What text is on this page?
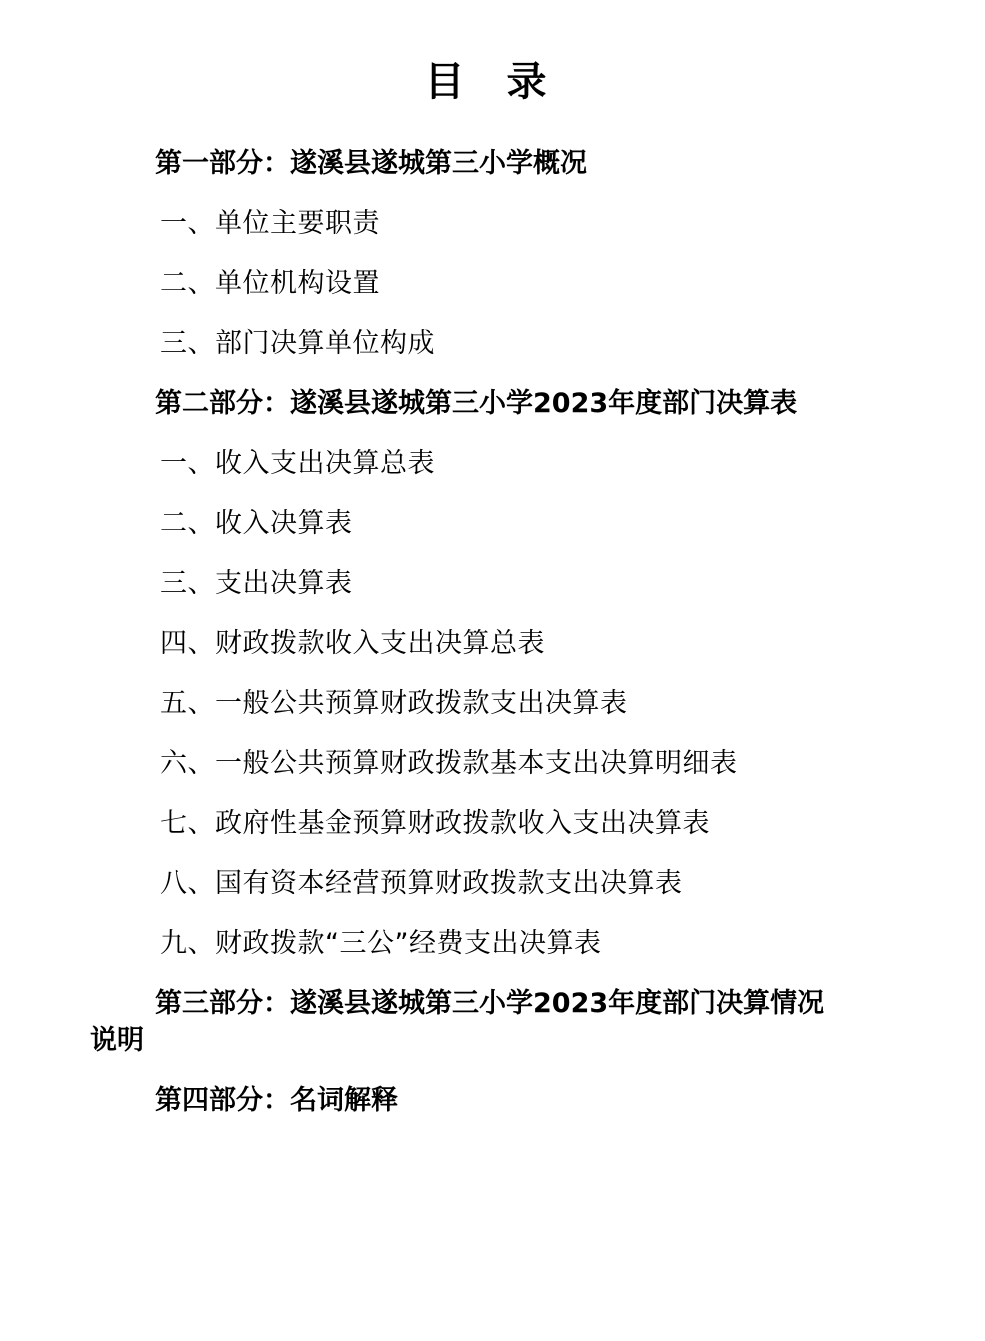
目 录
第一部分：遂溪县遂城第三小学概况
一、单位主要职责
二、单位机构设置
三、部门决算单位构成
第二部分：遂溪县遂城第三小学2023年度部门决算表
一、收入支出决算总表
二、收入决算表
三、支出决算表
四、财政拨款收入支出决算总表
五、一般公共预算财政拨款支出决算表
六、一般公共预算财政拨款基本支出决算明细表
七、政府性基金预算财政拨款收入支出决算表
八、国有资本经营预算财政拨款支出决算表
九、财政拨款“三公”经费支出决算表
第三部分：遂溪县遂城第三小学2023年度部门决算情况
说明
第四部分：名词解释
